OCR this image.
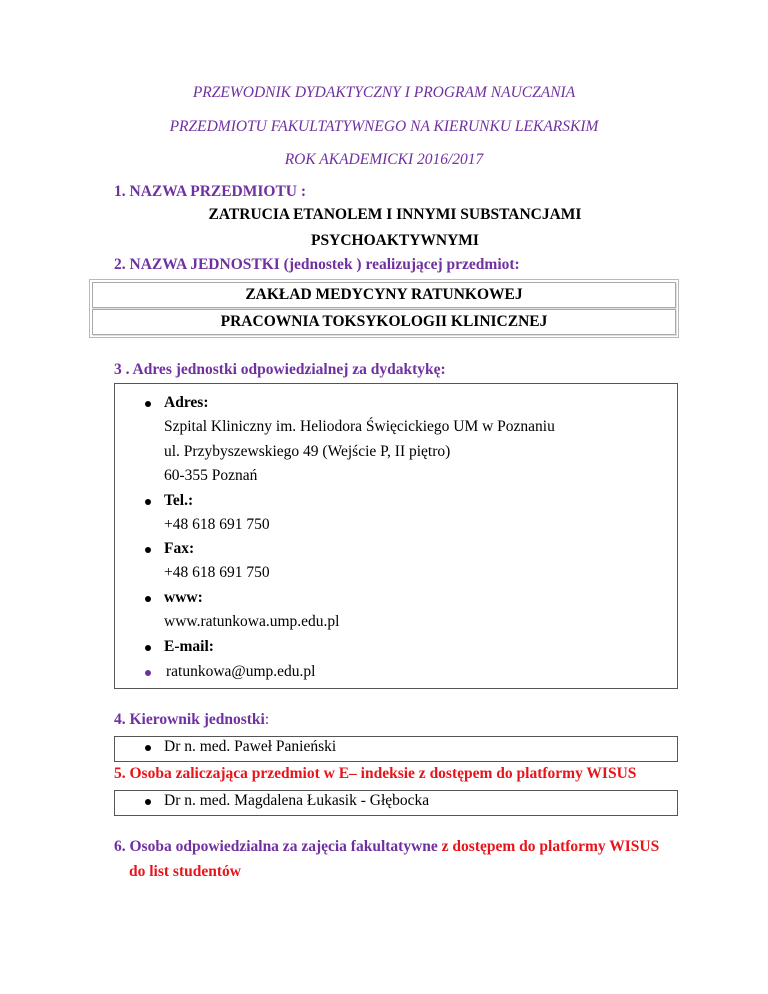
PRZEWODNIK DYDAKTYCZNY I PROGRAM NAUCZANIA
PRZEDMIOTU FAKULTATYWNEGO NA KIERUNKU LEKARSKIM
ROK AKADEMICKI 2016/2017
1. NAZWA PRZEDMIOTU :
ZATRUCIA ETANOLEM I INNYMI SUBSTANCJAMI
PSYCHOAKTYWNYMI
2. NAZWA JEDNOSTKI (jednostek ) realizującej przedmiot:
ZAKŁAD MEDYCYNY RATUNKOWEJ
PRACOWNIA TOKSYKOLOGII KLINICZNEJ
3 . Adres jednostki odpowiedzialnej za dydaktykę:
Adres:
Szpital Kliniczny im. Heliodora Święcickiego UM w Poznaniu
ul. Przybyszewskiego 49 (Wejście P, II piętro)
60-355 Poznań
Tel.:
+48 618 691 750
Fax:
+48 618 691 750
www:
www.ratunkowa.ump.edu.pl
E-mail:
ratunkowa@ump.edu.pl
4. Kierownik jednostki:
Dr n. med. Paweł Panieński
5. Osoba zaliczająca przedmiot w E– indeksie z dostępem do platformy WISUS
Dr n. med. Magdalena Łukasik - Głębocka
6. Osoba odpowiedzialna za zajęcia fakultatywne z dostępem do platformy WISUS
do list studentów
